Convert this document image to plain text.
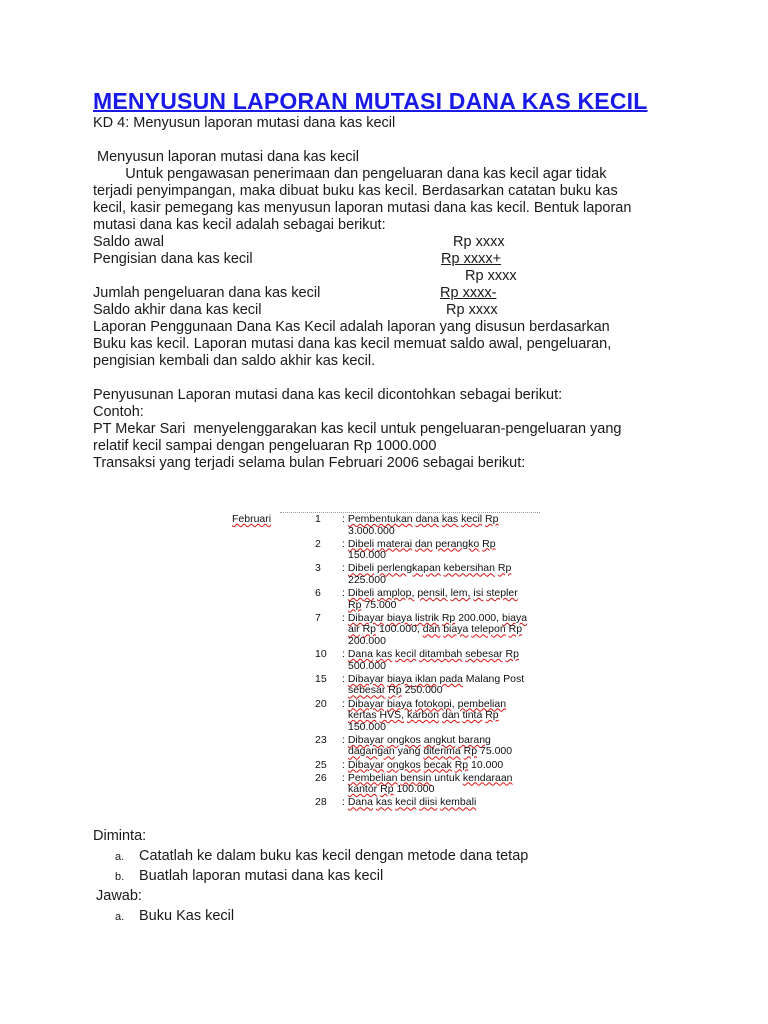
MENYUSUN LAPORAN MUTASI DANA KAS KECIL
KD 4: Menyusun laporan mutasi dana kas kecil
Menyusun laporan mutasi dana kas kecil
Untuk pengawasan penerimaan dan pengeluaran dana kas kecil agar tidak
terjadi penyimpangan, maka dibuat buku kas kecil. Berdasarkan catatan buku kas
kecil, kasir pemegang kas menyusun laporan mutasi dana kas kecil. Bentuk laporan
mutasi dana kas kecil adalah sebagai berikut:
Saldo awal	Rp xxxx
Pengisian dana kas kecil	Rp xxxx+
Rp xxxx
Jumlah pengeluaran dana kas kecil	Rp xxxx-
Saldo akhir dana kas kecil	Rp xxxx
Laporan Penggunaan Dana Kas Kecil adalah laporan yang disusun berdasarkan
Buku kas kecil. Laporan mutasi dana kas kecil memuat saldo awal, pengeluaran,
pengisian kembali dan saldo akhir kas kecil.
Penyusunan Laporan mutasi dana kas kecil dicontohkan sebagai berikut:
Contoh:
PT Mekar Sari  menyelenggarakan kas kecil untuk pengeluaran-pengeluaran yang
relatif kecil sampai dengan pengeluaran Rp 1000.000
Transaksi yang terjadi selama bulan Februari 2006 sebagai berikut:
Februari	1	: Pembentukan dana kas kecil Rp
3.000.000
2	: Dibeli materai dan perangko Rp
150.000
3	: Dibeli perlengkapan kebersihan Rp
225.000
6	: Dibeli amplop, pensil, lem, isi stepler
Rp 75.000
7	: Dibayar biaya listrik Rp 200.000, biaya
air Rp 100.000, dan biaya telepon Rp
200.000
10	: Dana kas kecil ditambah sebesar Rp
500.000
15	: Dibayar biaya iklan pada Malang Post
sebesar Rp 250.000
20	: Dibayar biaya fotokopi, pembelian
kertas HVS, karbon dan tinta Rp
150.000
23	: Dibayar ongkos angkut barang
dagangan yang diterima Rp 75.000
25	: Dibayar ongkos becak Rp 10.000
26	: Pembelian bensin untuk kendaraan
kantor Rp 100.000
28	: Dana kas kecil diisi kembali
Diminta:
a. Catatlah ke dalam buku kas kecil dengan metode dana tetap
b. Buatlah laporan mutasi dana kas kecil
Jawab:
a. Buku Kas kecil
